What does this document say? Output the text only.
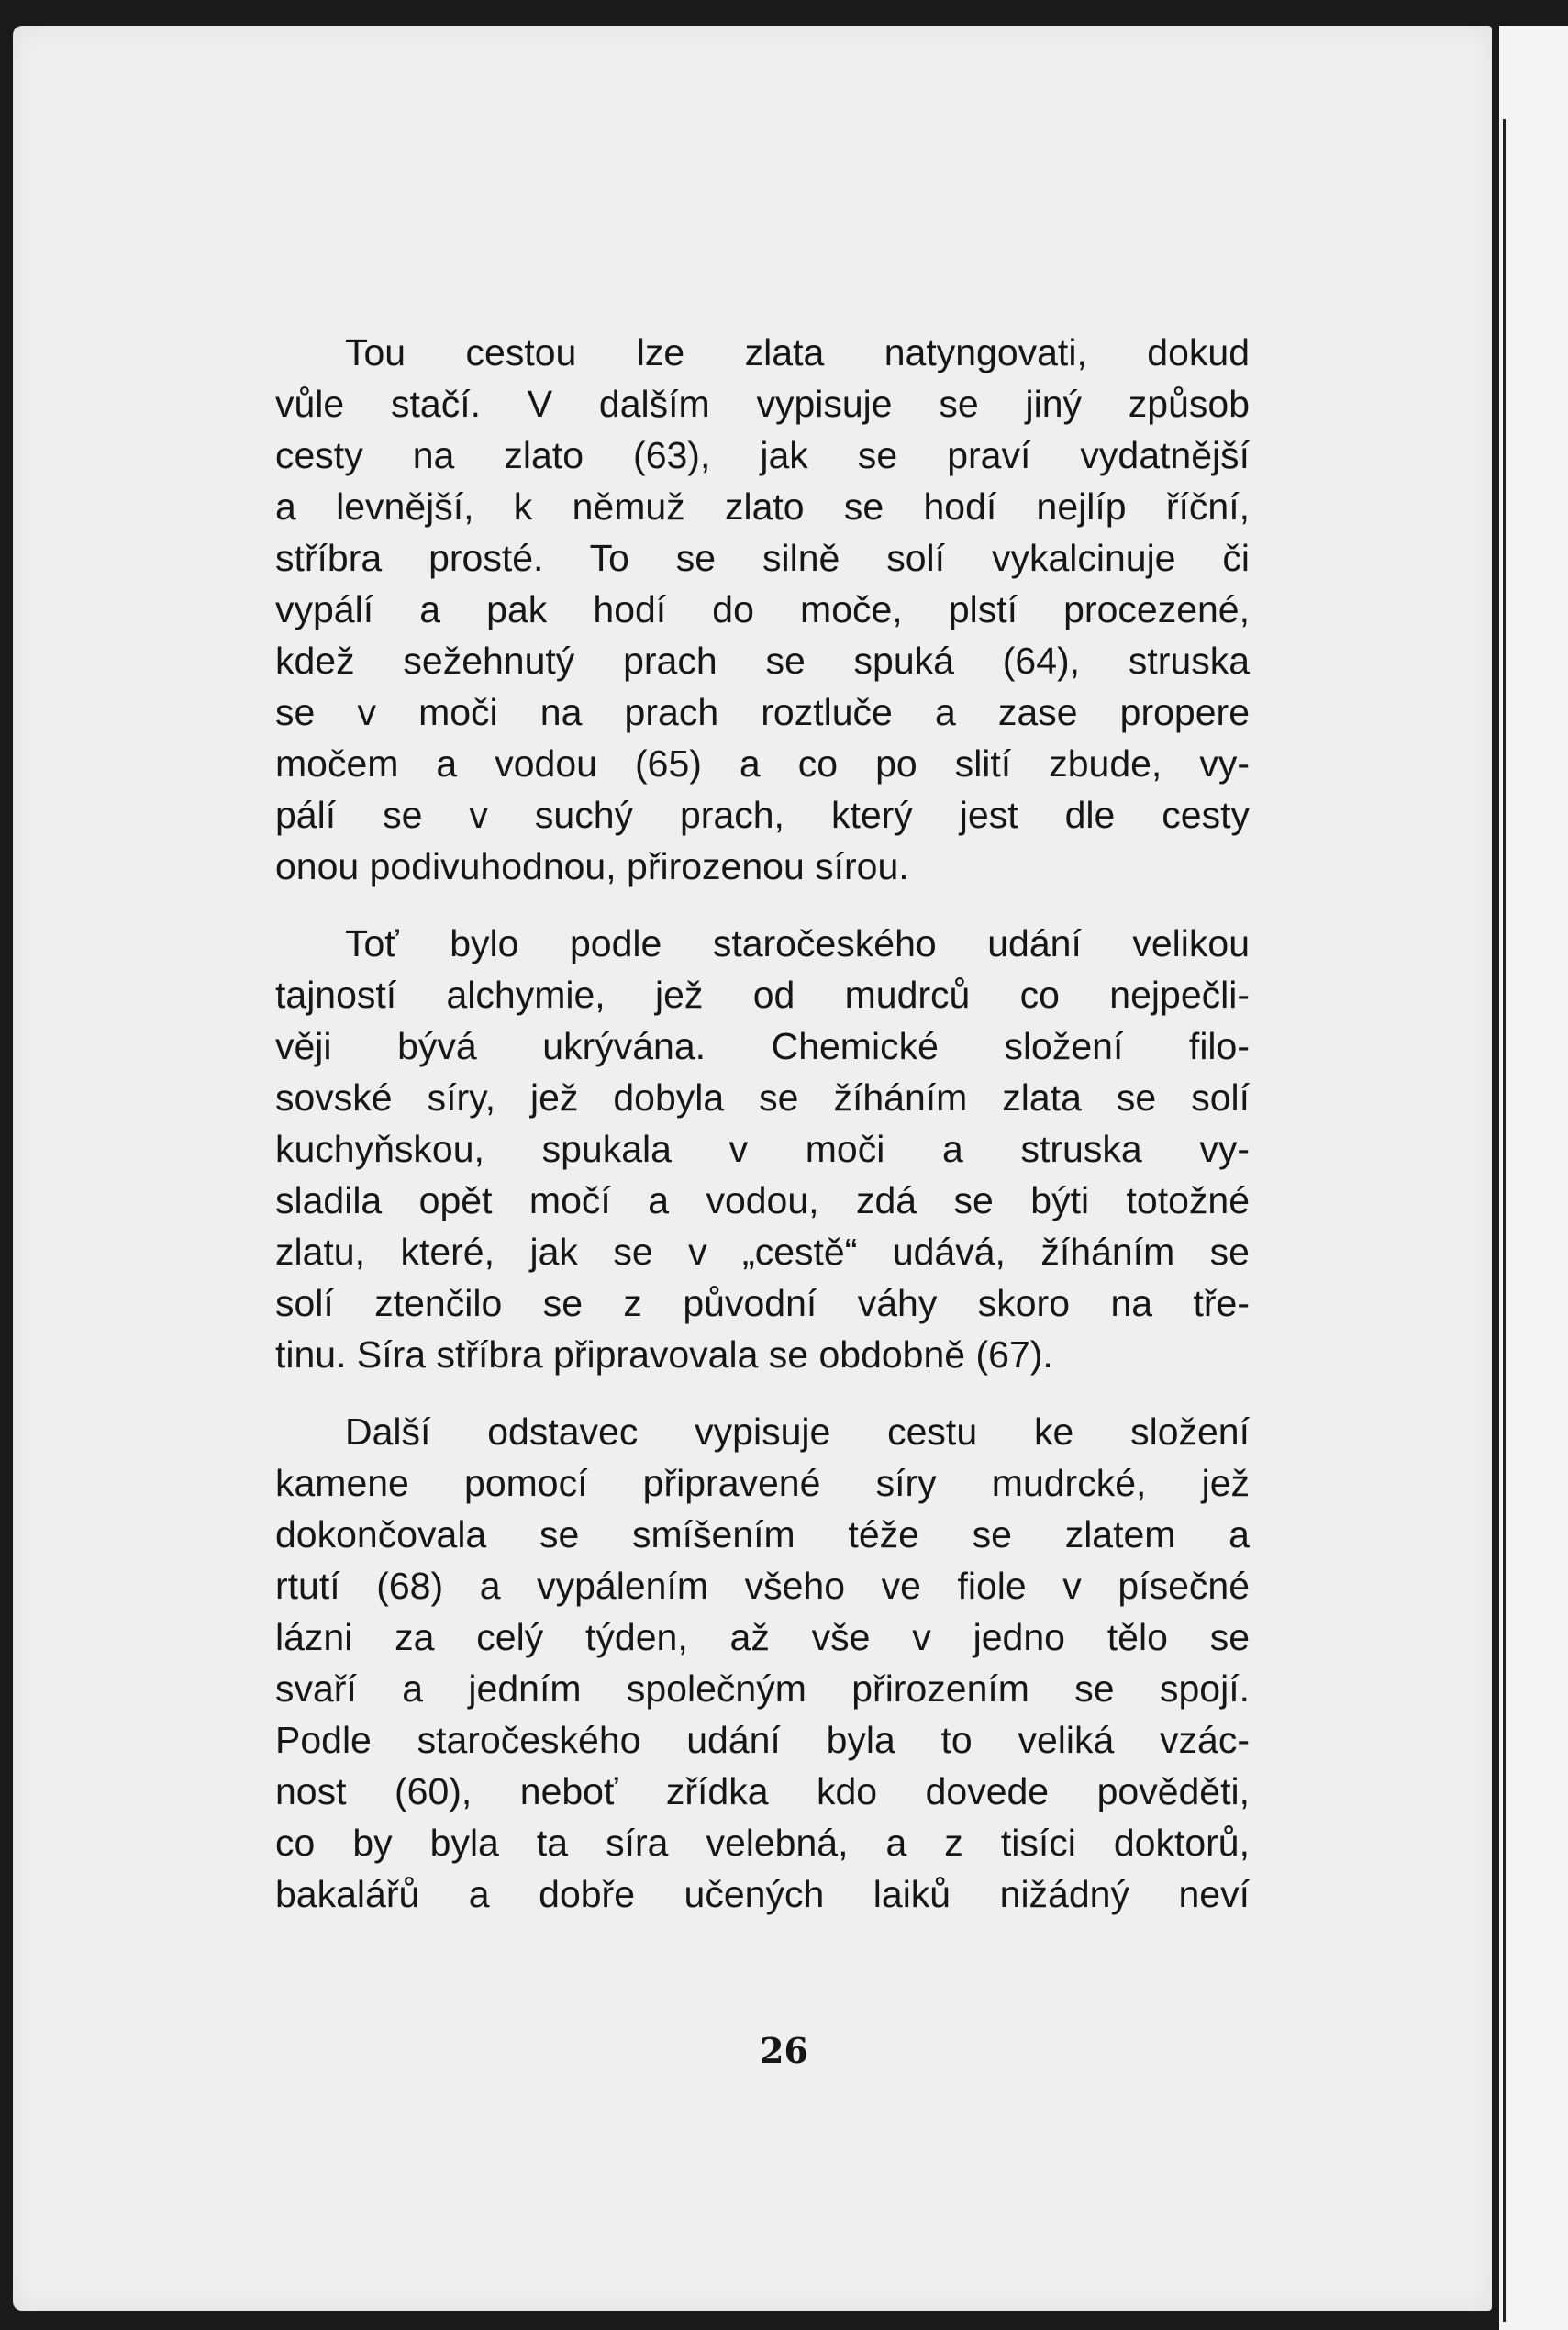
Tou cestou lze zlata natyngovati, dokud
vůle stačí. V dalším vypisuje se jiný způsob
cesty na zlato (63), jak se praví vydatnější
a levnější, k němuž zlato se hodí nejlíp říční,
stříbra prosté. To se silně solí vykalcinuje či
vypálí a pak hodí do moče, plstí procezené,
kdež sežehnutý prach se spuká (64), struska
se v moči na prach roztluče a zase propere
močem a vodou (65) a co po slití zbude, vy-
pálí se v suchý prach, který jest dle cesty
onou podivuhodnou, přirozenou sírou.
Toť bylo podle staročeského udání velikou
tajností alchymie, jež od mudrců co nejpečli-
věji bývá ukrývána. Chemické složení filo-
sovské síry, jež dobyla se žíháním zlata se solí
kuchyňskou, spukala v moči a struska vy-
sladila opět močí a vodou, zdá se býti totožné
zlatu, které, jak se v „cestě“ udává, žíháním se
solí ztenčilo se z původní váhy skoro na tře-
tinu. Síra stříbra připravovala se obdobně (67).
Další odstavec vypisuje cestu ke složení
kamene pomocí připravené síry mudrcké, jež
dokončovala se smíšením téže se zlatem a
rtutí (68) a vypálením všeho ve fiole v písečné
lázni za celý týden, až vše v jedno tělo se
svaří a jedním společným přirozením se spojí.
Podle staročeského udání byla to veliká vzác-
nost (60), neboť zřídka kdo dovede pověděti,
co by byla ta síra velebná, a z tisíci doktorů,
bakalářů a dobře učených laiků nižádný neví
26
